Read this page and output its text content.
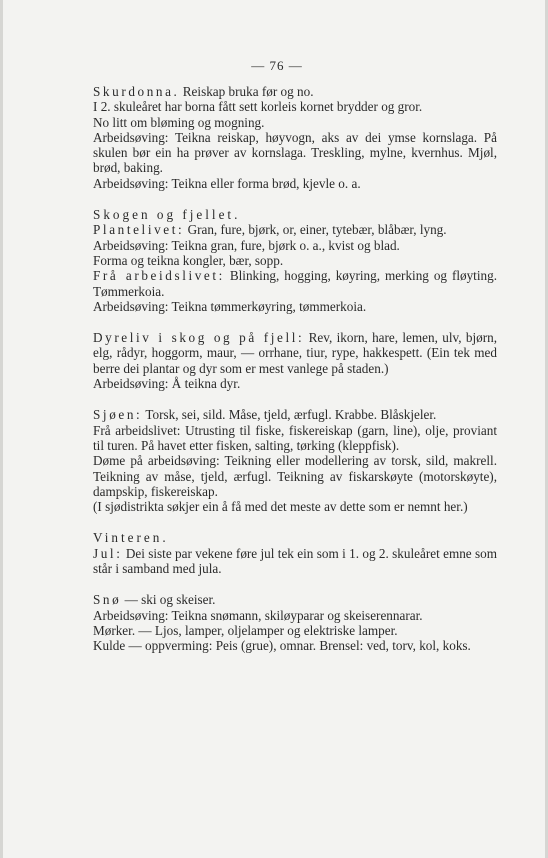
— 76 —
Skurdonna. Reiskap bruka før og no.
I 2. skuleåret har borna fått sett korleis kornet brydder og gror.
No litt om bløming og mogning.
Arbeidsøving: Teikna reiskap, høyvogn, aks av dei ymse kornslaga. På skulen bør ein ha prøver av kornslaga. Treskling, mylne, kvernhus. Mjøl, brød, baking.
Arbeidsøving: Teikna eller forma brød, kjevle o. a.
Skogen og fjellet.
Plantelivet: Gran, fure, bjørk, or, einer, tytebær, blåbær, lyng.
Arbeidsøving: Teikna gran, fure, bjørk o. a., kvist og blad.
Forma og teikna kongler, bær, sopp.
Frå arbeidslivet: Blinking, hogging, køyring, merking og fløyting. Tømmerkoia.
Arbeidsøving: Teikna tømmerkøyring, tømmerkoia.
Dyreliv i skog og på fjell: Rev, ikorn, hare, lemen, ulv, bjørn, elg, rådyr, hoggorm, maur, — orrhane, tiur, rype, hakkespett. (Ein tek med berre dei plantar og dyr som er mest vanlege på staden.)
Arbeidsøving: Å teikna dyr.
Sjøen: Torsk, sei, sild. Måse, tjeld, ærfugl. Krabbe. Blåskjeler.
Frå arbeidslivet: Utrusting til fiske, fiskereiskap (garn, line), olje, proviant til turen. På havet etter fisken, salting, tørking (kleppfisk).
Døme på arbeidsøving: Teikning eller modellering av torsk, sild, makrell. Teikning av måse, tjeld, ærfugl. Teikning av fiskarskøyte (motorskøyte), dampskip, fiskereiskap.
(I sjødistrikta søkjer ein å få med det meste av dette som er nemnt her.)
Vinteren.
Jul: Dei siste par vekene føre jul tek ein som i 1. og 2. skuleåret emne som står i samband med jula.
Snø — ski og skeiser.
Arbeidsøving: Teikna snømann, skiløyparar og skeiserennarar.
Mørker. — Ljos, lamper, oljelamper og elektriske lamper.
Kulde — oppverming: Peis (grue), omnar. Brensel: ved, torv, kol, koks.
